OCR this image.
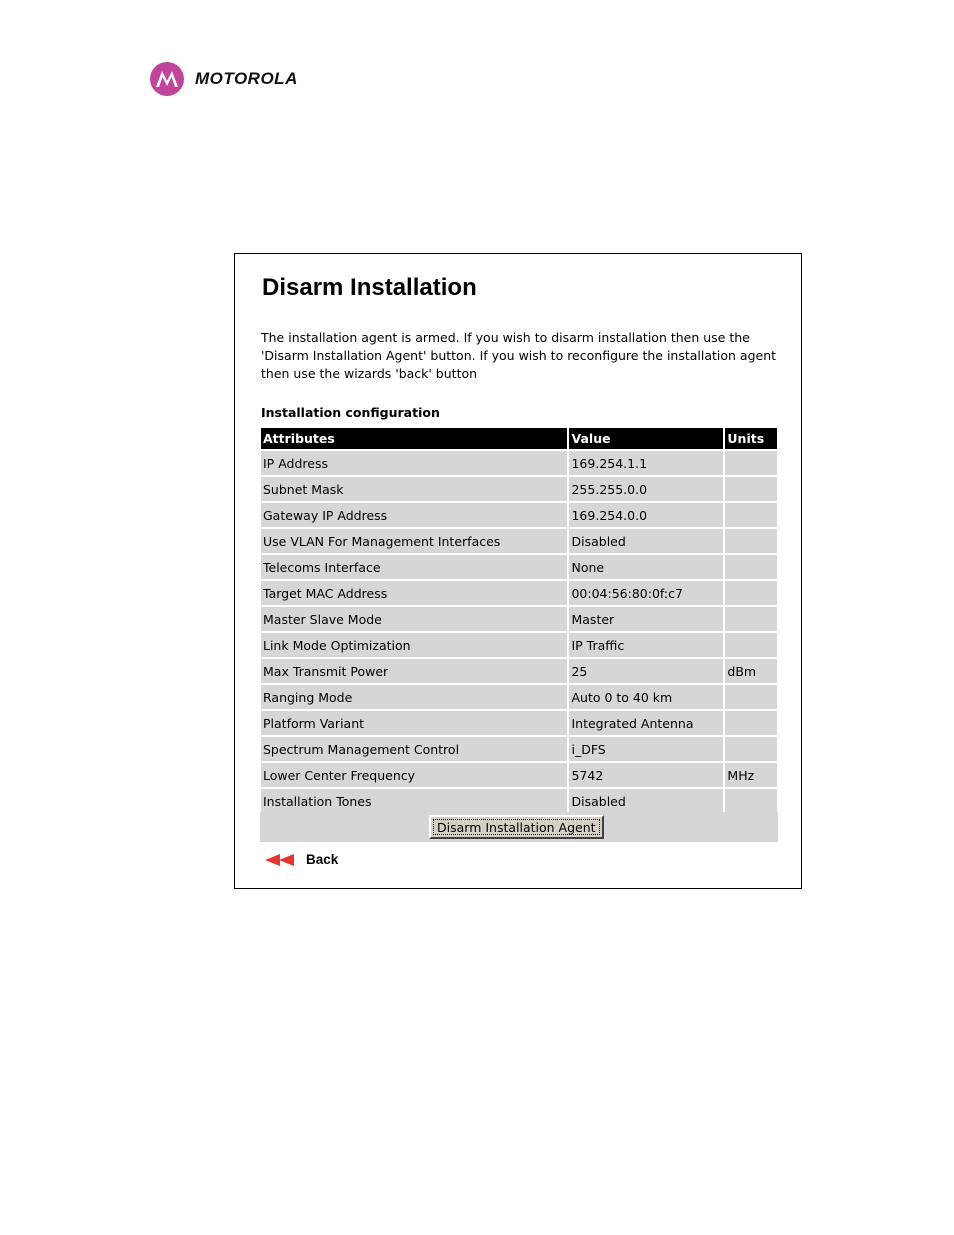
MOTOROLA
Disarm Installation
The installation agent is armed. If you wish to disarm installation then use the
'Disarm Installation Agent' button. If you wish to reconfigure the installation agent
then use the wizards 'back' button
Installation configuration
Attributes	Value	Units
IP Address	169.254.1.1	
Subnet Mask	255.255.0.0	
Gateway IP Address	169.254.0.0	
Use VLAN For Management Interfaces	Disabled	
Telecoms Interface	None	
Target MAC Address	00:04:56:80:0f:c7	
Master Slave Mode	Master	
Link Mode Optimization	IP Traffic	
Max Transmit Power	25	dBm
Ranging Mode	Auto 0 to 40 km	
Platform Variant	Integrated Antenna	
Spectrum Management Control	i_DFS	
Lower Center Frequency	5742	MHz
Installation Tones	Disabled	
Disarm Installation Agent
Back
